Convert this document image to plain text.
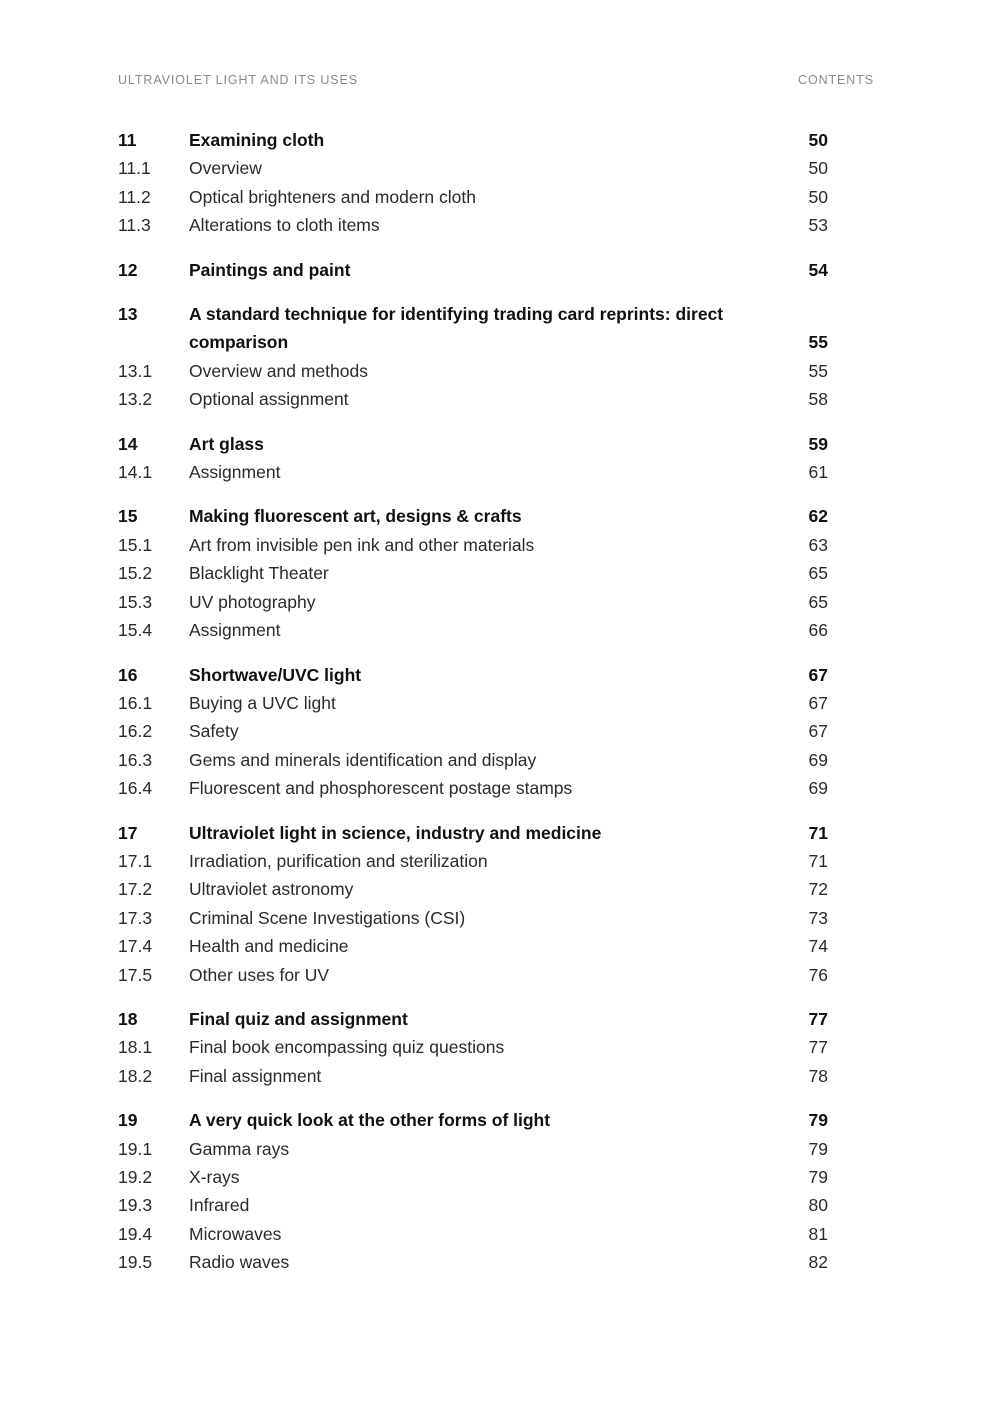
ULTRAVIOLET LIGHT AND ITS USES	CONTENTS
11	Examining cloth	50
11.1	Overview	50
11.2	Optical brighteners and modern cloth	50
11.3	Alterations to cloth items	53
12	Paintings and paint	54
13	A standard technique for identifying trading card reprints: direct
comparison	55
13.1	Overview and methods	55
13.2	Optional assignment	58
14	Art glass	59
14.1	Assignment	61
15	Making fluorescent art, designs & crafts	62
15.1	Art from invisible pen ink and other materials	63
15.2	Blacklight Theater	65
15.3	UV photography	65
15.4	Assignment	66
16	Shortwave/UVC light	67
16.1	Buying a UVC light	67
16.2	Safety	67
16.3	Gems and minerals identification and display	69
16.4	Fluorescent and phosphorescent postage stamps	69
17	Ultraviolet light in science, industry and medicine	71
17.1	Irradiation, purification and sterilization	71
17.2	Ultraviolet astronomy	72
17.3	Criminal Scene Investigations (CSI)	73
17.4	Health and medicine	74
17.5	Other uses for UV	76
18	Final quiz and assignment	77
18.1	Final book encompassing quiz questions	77
18.2	Final assignment	78
19	A very quick look at the other forms of light	79
19.1	Gamma rays	79
19.2	X-rays	79
19.3	Infrared	80
19.4	Microwaves	81
19.5	Radio waves	82
